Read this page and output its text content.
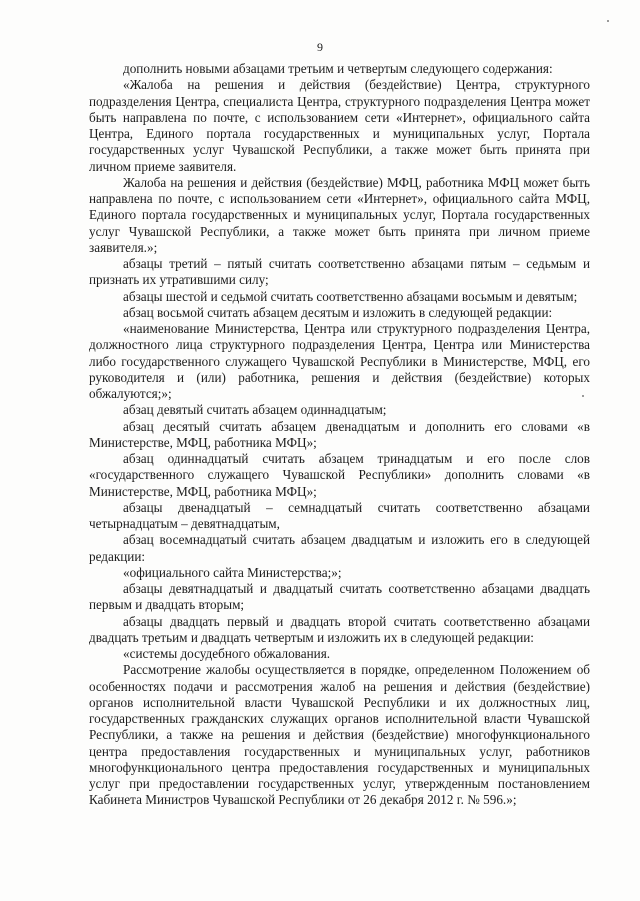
9

дополнить новыми абзацами третьим и четвертым следующего содержания:

«Жалоба на решения и действия (бездействие) Центра, структурного подразделения Центра, специалиста Центра, структурного подразделения Центра может быть направлена по почте, с использованием сети «Интернет», официального сайта Центра, Единого портала государственных и муниципальных услуг, Портала государственных услуг Чувашской Республики, а также может быть принята при личном приеме заявителя.

Жалоба на решения и действия (бездействие) МФЦ, работника МФЦ может быть направлена по почте, с использованием сети «Интернет», официального сайта МФЦ, Единого портала государственных и муниципальных услуг, Портала государственных услуг Чувашской Республики, а также может быть принята при личном приеме заявителя.»;

абзацы третий – пятый считать соответственно абзацами пятым – седьмым и признать их утратившими силу;

абзацы шестой и седьмой считать соответственно абзацами восьмым и девятым;

абзац восьмой считать абзацем десятым и изложить в следующей редакции:

«наименование Министерства, Центра или структурного подразделения Центра, должностного лица структурного подразделения Центра, Центра или Министерства либо государственного служащего Чувашской Республики в Министерстве, МФЦ, его руководителя и (или) работника, решения и действия (бездействие) которых обжалуются;»;

абзац девятый считать абзацем одиннадцатым;

абзац десятый считать абзацем двенадцатым и дополнить его словами «в Министерстве, МФЦ, работника МФЦ»;

абзац одиннадцатый считать абзацем тринадцатым и его после слов «государственного служащего Чувашской Республики» дополнить словами «в Министерстве, МФЦ, работника МФЦ»;

абзацы двенадцатый – семнадцатый считать соответственно абзацами четырнадцатым – девятнадцатым,

абзац восемнадцатый считать абзацем двадцатым и изложить его в следующей редакции:

«официального сайта Министерства;»;

абзацы девятнадцатый и двадцатый считать соответственно абзацами двадцать первым и двадцать вторым;

абзацы двадцать первый и двадцать второй считать соответственно абзацами двадцать третьим и двадцать четвертым и изложить их в следующей редакции:

«системы досудебного обжалования.

Рассмотрение жалобы осуществляется в порядке, определенном Положением об особенностях подачи и рассмотрения жалоб на решения и действия (бездействие) органов исполнительной власти Чувашской Республики и их должностных лиц, государственных гражданских служащих органов исполнительной власти Чувашской Республики, а также на решения и действия (бездействие) многофункционального центра предоставления государственных и муниципальных услуг, работников многофункционального центра предоставления государственных и муниципальных услуг при предоставлении государственных услуг, утвержденным постановлением Кабинета Министров Чувашской Республики от 26 декабря 2012 г. № 596.»;
